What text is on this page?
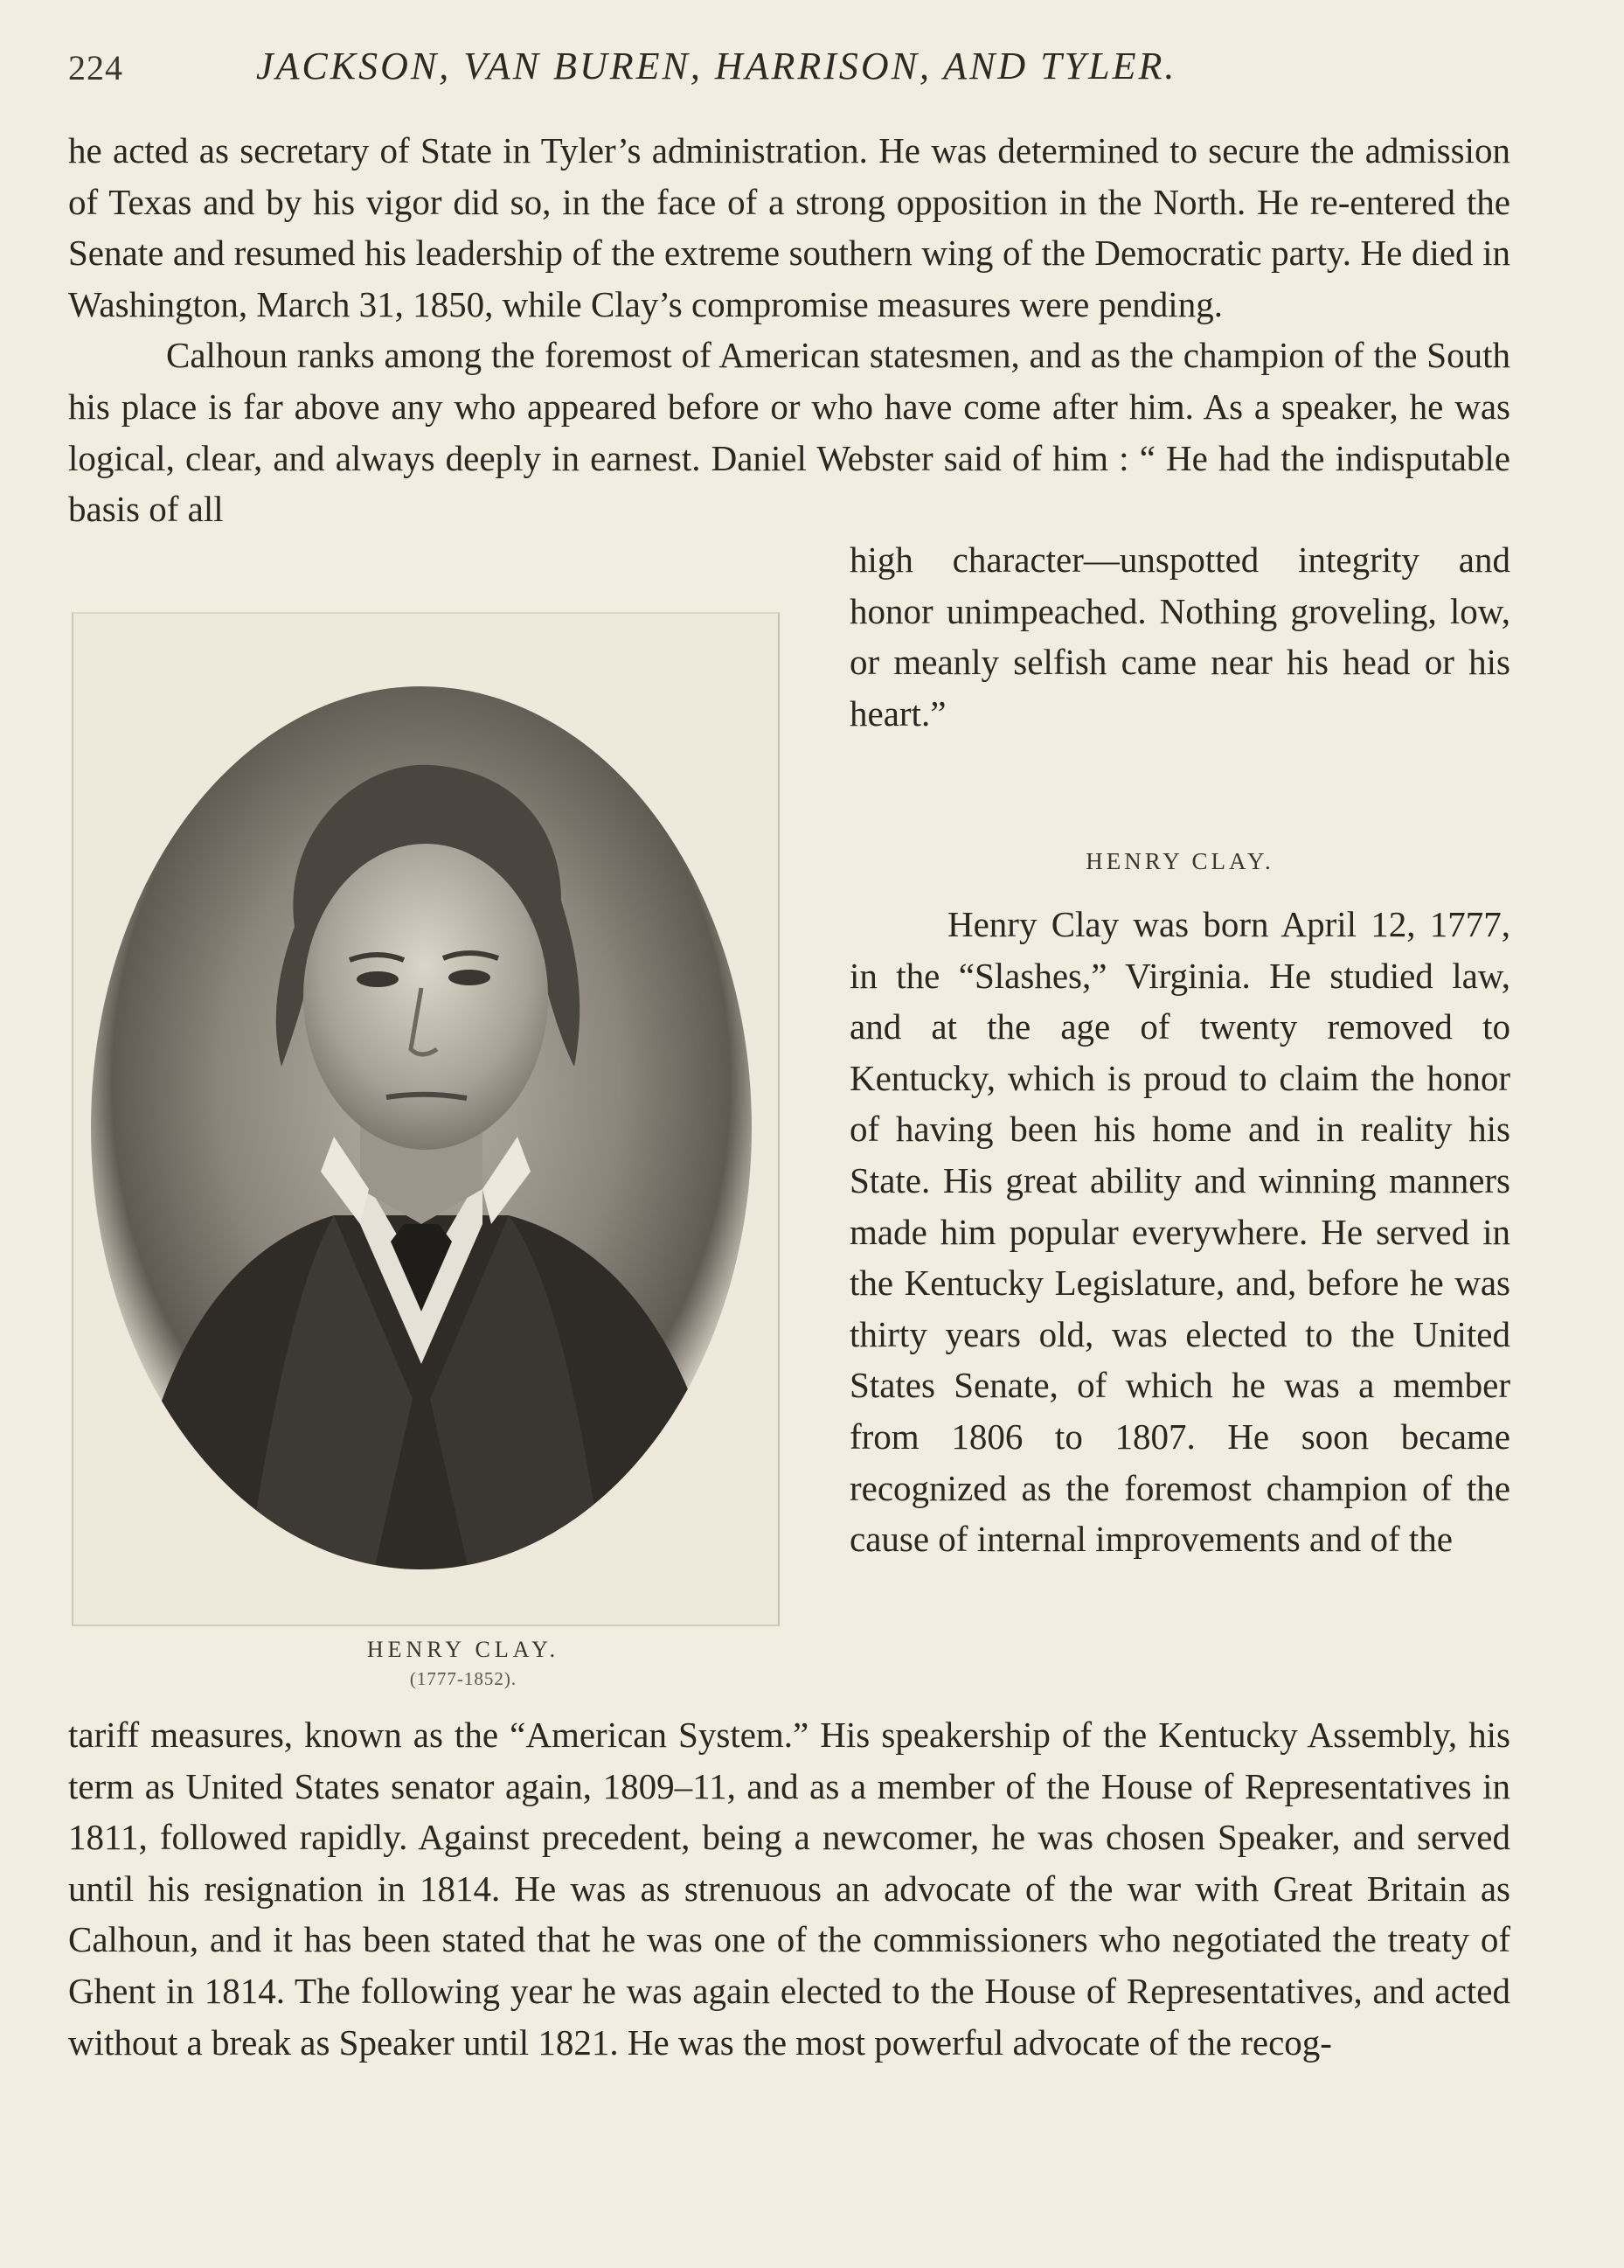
224	JACKSON, VAN BUREN, HARRISON, AND TYLER.

he acted as secretary of State in Tyler’s administration. He was determined to secure the admission of Texas and by his vigor did so, in the face of a strong opposition in the North. He re-entered the Senate and resumed his leadership of the extreme southern wing of the Democratic party. He died in Washington, March 31, 1850, while Clay’s compromise measures were pending.

Calhoun ranks among the foremost of American statesmen, and as the champion of the South his place is far above any who appeared before or who have come after him. As a speaker, he was logical, clear, and always deeply in earnest. Daniel Webster said of him : “ He had the indisputable basis of all

high character—unspotted integrity and honor unimpeached. Nothing groveling, low, or meanly selfish came near his head or his heart.”

HENRY CLAY.

Henry Clay was born April 12, 1777, in the “Slashes,” Virginia. He studied law, and at the age of twenty removed to Kentucky, which is proud to claim the honor of having been his home and in reality his State. His great ability and winning manners made him popular everywhere. He served in the Kentucky Legislature, and, before he was thirty years old, was elected to the United States Senate, of which he was a member from 1806 to 1807. He soon became recognized as the foremost champion of the cause of internal improvements and of the

HENRY CLAY.

(1777-1852).

tariff measures, known as the “American System.” His speakership of the Kentucky Assembly, his term as United States senator again, 1809–11, and as a member of the House of Representatives in 1811, followed rapidly. Against precedent, being a newcomer, he was chosen Speaker, and served until his resignation in 1814. He was as strenuous an advocate of the war with Great Britain as Calhoun, and it has been stated that he was one of the commissioners who negotiated the treaty of Ghent in 1814. The following year he was again elected to the House of Representatives, and acted without a break as Speaker until 1821. He was the most powerful advocate of the recog-
